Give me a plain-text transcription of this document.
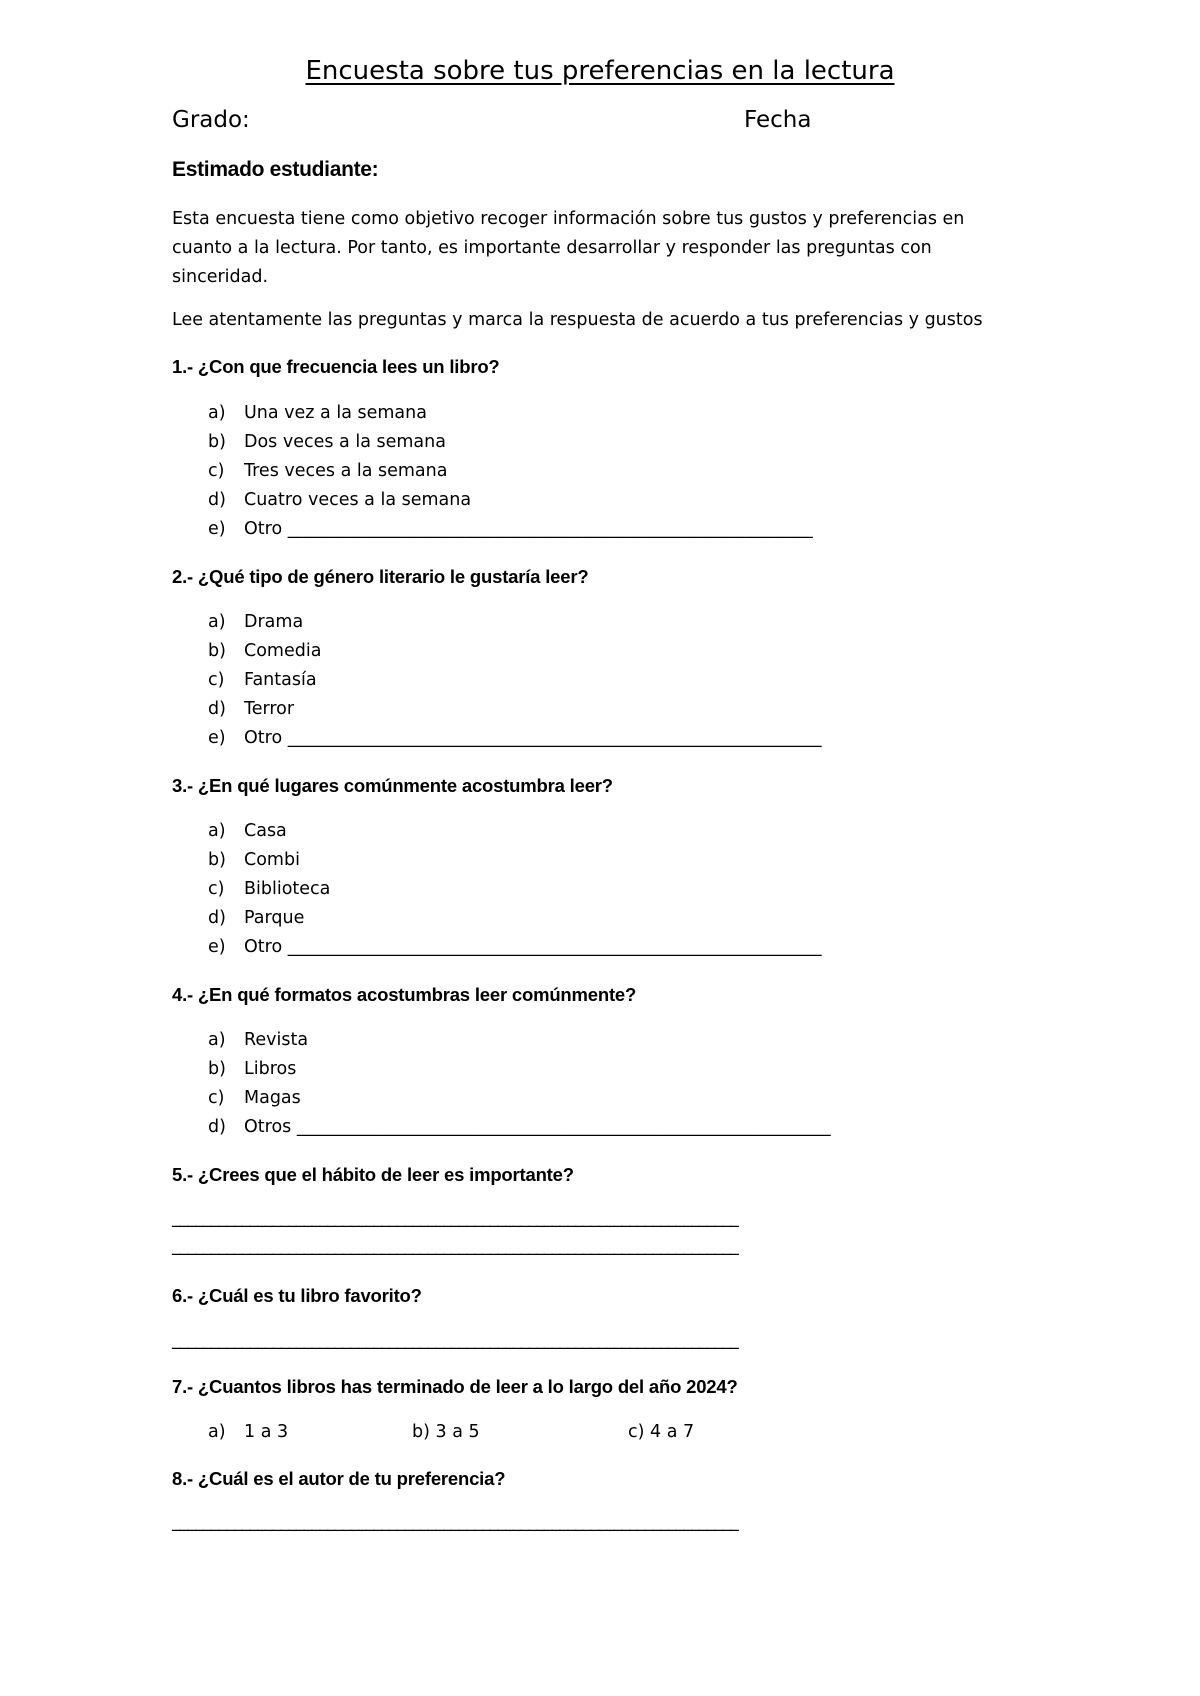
Encuesta sobre tus preferencias en la lectura
Grado:	Fecha
Estimado estudiante:
Esta encuesta tiene como objetivo recoger información sobre tus gustos y preferencias en cuanto a la lectura. Por tanto, es importante desarrollar y responder las preguntas con sinceridad.
Lee atentamente las preguntas y marca la respuesta de acuerdo a tus preferencias y gustos
1.- ¿Con que frecuencia lees un libro?
a) Una vez a la semana
b) Dos veces a la semana
c) Tres veces a la semana
d) Cuatro veces a la semana
e) Otro ____________________________________________________________
2.- ¿Qué tipo de género literario le gustaría leer?
a) Drama
b) Comedia
c) Fantasía
d) Terror
e) Otro _____________________________________________________________
3.- ¿En qué lugares comúnmente acostumbra leer?
a) Casa
b) Combi
c) Biblioteca
d) Parque
e) Otro _____________________________________________________________
4.- ¿En qué formatos acostumbras leer comúnmente?
a) Revista
b) Libros
c) Magas
d) Otros _____________________________________________________________
5.- ¿Crees que el hábito de leer es importante?
_________________________________________________________________________
_________________________________________________________________________
6.- ¿Cuál es tu libro favorito?
_________________________________________________________________________
7.- ¿Cuantos libros has terminado de leer a lo largo del año 2024?
a) 1 a 3	b) 3 a 5	c) 4 a 7
8.- ¿Cuál es el autor de tu preferencia?
_________________________________________________________________________
